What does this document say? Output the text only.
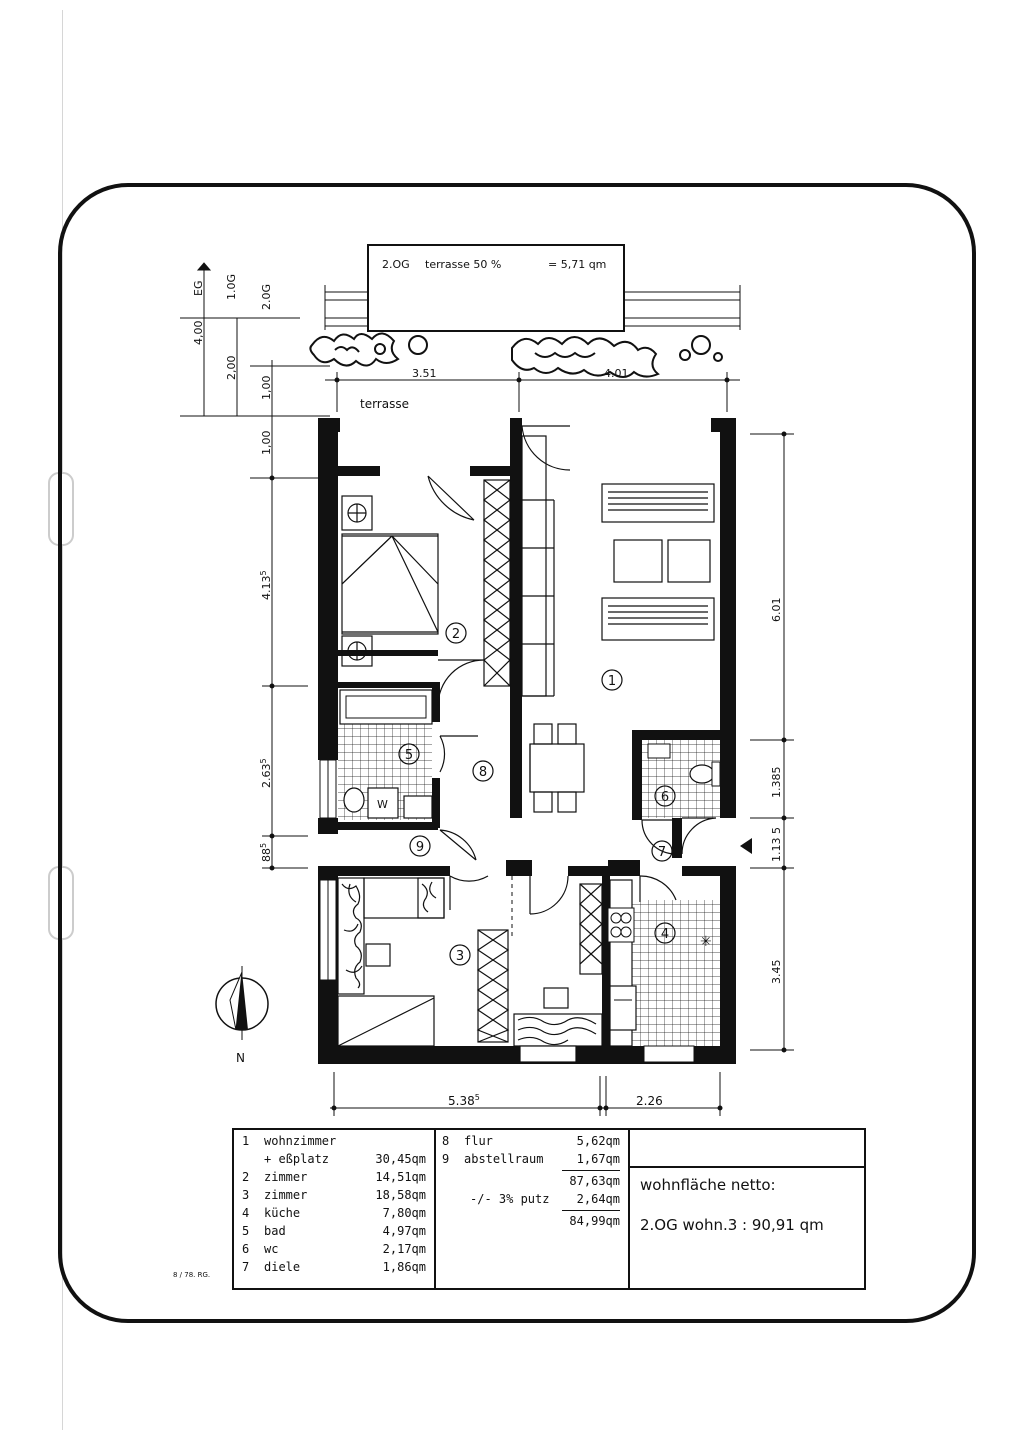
2.OG terrasse 50 %	= 5,71 qm
EG
4,00
1.0G
2,00
2.0G
1,00
1,00
3.51	4.01
terrasse
W
✳
1
2
3
4
5
6
7
8
9
4.13$^5$
2.63$^5$
$88^5$
6.01
1.385
1.13 5
3.45
5.38$^5$	2.26
N
1 wohnzimmer
+ eßplatz	30,45qm
2 zimmer	14,51qm
3 zimmer	18,58qm
4 küche	7,80qm
5 bad	4,97qm
6 wc	2,17qm
7 diele	1,86qm
8 flur	5,62qm
9 abstellraum	1,67qm
87,63qm
-/- 3% putz 2,64qm
84,99qm
wohnfläche netto:
2.OG wohn.3 : 90,91 qm
8 / 78. RG.
